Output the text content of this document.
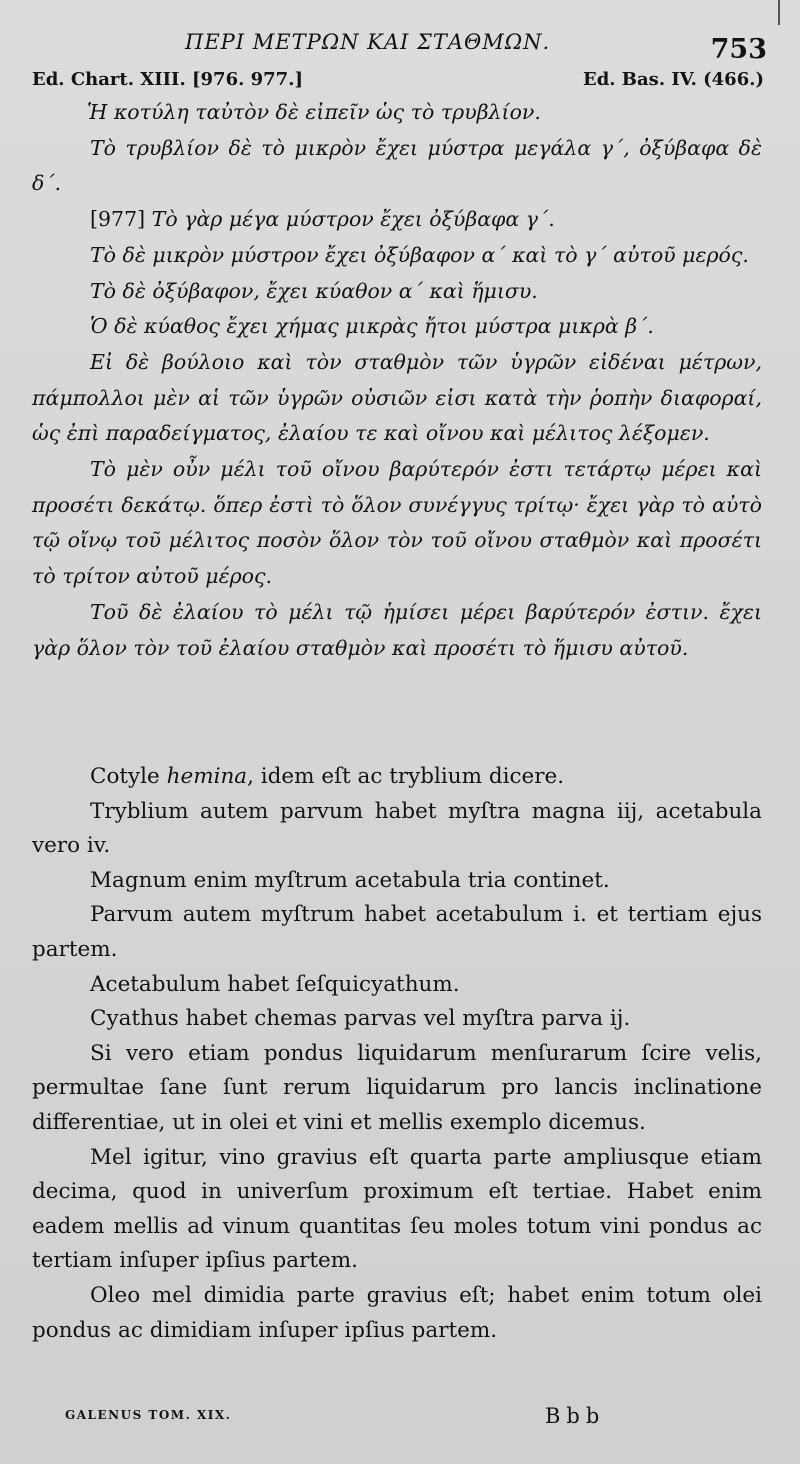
ΠΕΡΙ ΜΕΤΡΩΝ ΚΑΙ ΣΤΑΘΜΩΝ.	753
Ed. Chart. XIII. [976. 977.]	Ed. Bas. IV. (466.)

Ἡ κοτύλη ταὐτὸν δὲ εἰπεῖν ὡς τὸ τρυβλίον.

Τὸ τρυβλίον δὲ τὸ μικρὸν ἔχει μύστρα μεγάλα γ΄, ὀξύβαφα δὲ δ΄.

[977] Τὸ γὰρ μέγα μύστρον ἔχει ὀξύβαφα γ΄.

Τὸ δὲ μικρὸν μύστρον ἔχει ὀξύβαφον α΄ καὶ τὸ γ΄ αὐτοῦ μερός.

Τὸ δὲ ὀξύβαφον, ἔχει κύαθον α΄ καὶ ἥμισυ.

Ὁ δὲ κύαθος ἔχει χήμας μικρὰς ἤτοι μύστρα μικρὰ β΄.

Εἰ δὲ βούλοιο καὶ τὸν σταθμὸν τῶν ὑγρῶν εἰδέναι μέτρων, πάμπολλοι μὲν αἱ τῶν ὑγρῶν οὐσιῶν εἰσι κατὰ τὴν ῥοπὴν διαφοραί, ὡς ἐπὶ παραδείγματος, ἐλαίου τε καὶ οἴνου καὶ μέλιτος λέξομεν.

Τὸ μὲν οὖν μέλι τοῦ οἴνου βαρύτερόν ἐστι τετάρτῳ μέρει καὶ προσέτι δεκάτῳ. ὅπερ ἐστὶ τὸ ὅλον συνέγγυς τρίτῳ· ἔχει γὰρ τὸ αὐτὸ τῷ οἴνῳ τοῦ μέλιτος ποσὸν ὅλον τὸν τοῦ οἴνου σταθμὸν καὶ προσέτι τὸ τρίτον αὐτοῦ μέρος.

Τοῦ δὲ ἐλαίου τὸ μέλι τῷ ἡμίσει μέρει βαρύτερόν ἐστιν. ἔχει γὰρ ὅλον τὸν τοῦ ἐλαίου σταθμὸν καὶ προσέτι τὸ ἥμισυ αὐτοῦ.

Cotyle hemina, idem eſt ac tryblium dicere.

Tryblium autem parvum habet myſtra magna iij, acetabula vero iv.

Magnum enim myſtrum acetabula tria continet.

Parvum autem myſtrum habet acetabulum i. et tertiam ejus partem.

Acetabulum habet ſeſquicyathum.

Cyathus habet chemas parvas vel myſtra parva ij.

Si vero etiam pondus liquidarum menſurarum ſcire velis, permultae ſane ſunt rerum liquidarum pro lancis inclinatione differentiae, ut in olei et vini et mellis exemplo dicemus.

Mel igitur, vino gravius eſt quarta parte ampliusque etiam decima, quod in univerſum proximum eſt tertiae. Habet enim eadem mellis ad vinum quantitas ſeu moles totum vini pondus ac tertiam inſuper ipſius partem.

Oleo mel dimidia parte gravius eſt; habet enim totum olei pondus ac dimidiam inſuper ipſius partem.

GALENUS TOM. XIX.	Bbb
